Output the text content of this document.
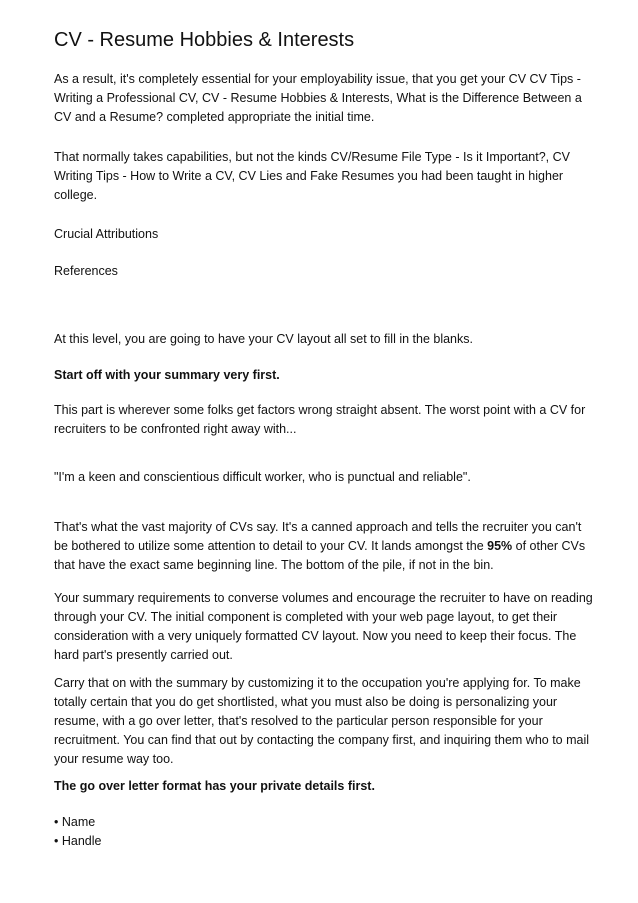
CV - Resume Hobbies & Interests

As a result, it's completely essential for your employability issue, that you get your CV CV Tips - Writing a Professional CV, CV - Resume Hobbies & Interests, What is the Difference Between a CV and a Resume? completed appropriate the initial time.

That normally takes capabilities, but not the kinds CV/Resume File Type - Is it Important?, CV Writing Tips - How to Write a CV, CV Lies and Fake Resumes you had been taught in higher college.

Crucial Attributions

References

At this level, you are going to have your CV layout all set to fill in the blanks.

Start off with your summary very first.

This part is wherever some folks get factors wrong straight absent. The worst point with a CV for recruiters to be confronted right away with...

"I'm a keen and conscientious difficult worker, who is punctual and reliable".

That's what the vast majority of CVs say. It's a canned approach and tells the recruiter you can't be bothered to utilize some attention to detail to your CV. It lands amongst the 95% of other CVs that have the exact same beginning line. The bottom of the pile, if not in the bin.

Your summary requirements to converse volumes and encourage the recruiter to have on reading through your CV. The initial component is completed with your web page layout, to get their consideration with a very uniquely formatted CV layout. Now you need to keep their focus. The hard part's presently carried out.

Carry that on with the summary by customizing it to the occupation you're applying for. To make totally certain that you do get shortlisted, what you must also be doing is personalizing your resume, with a go over letter, that's resolved to the particular person responsible for your recruitment. You can find that out by contacting the company first, and inquiring them who to mail your resume way too.

The go over letter format has your private details first.

• Name
• Handle
